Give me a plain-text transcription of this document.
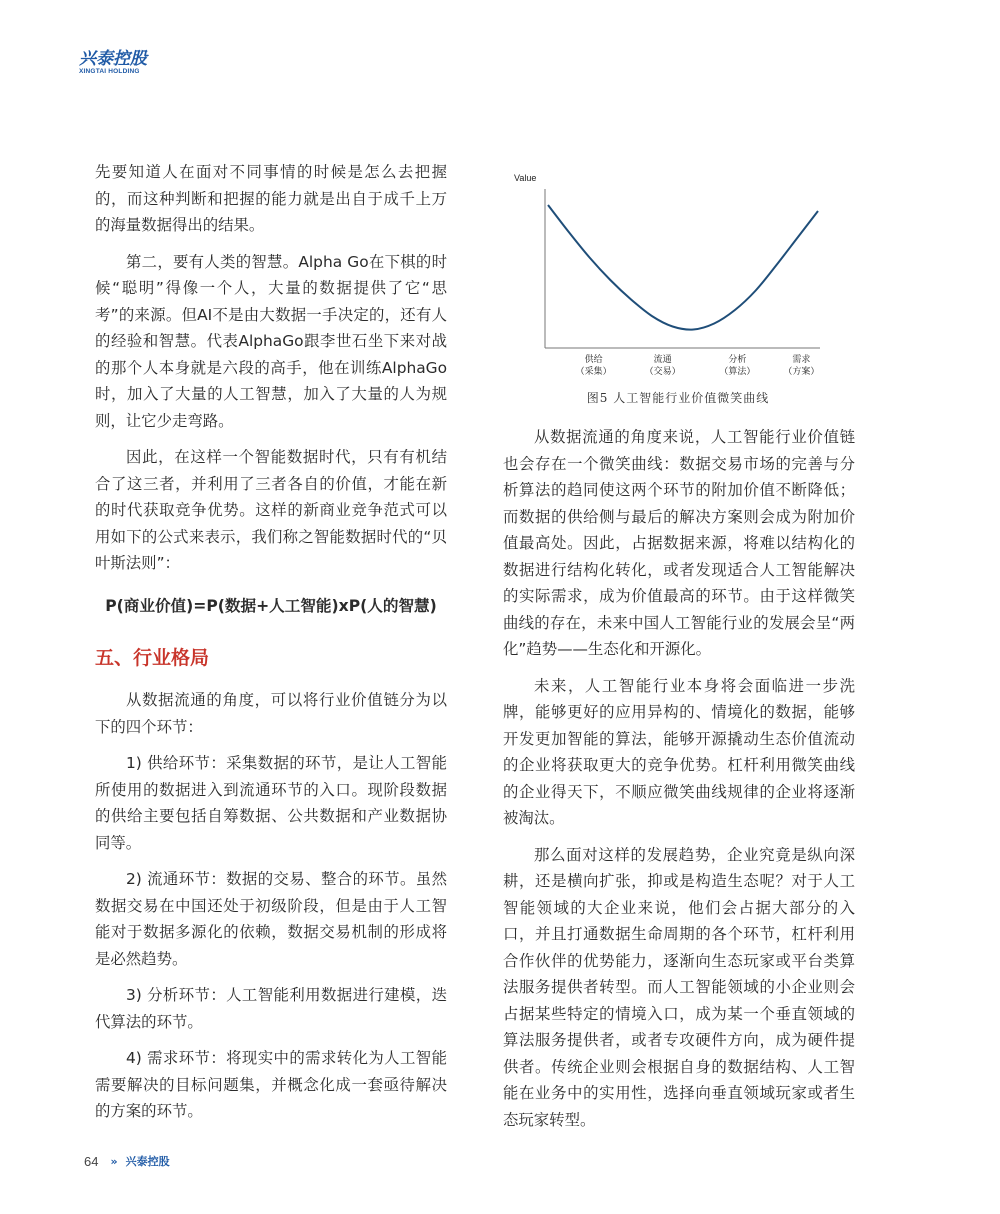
兴泰控股
XINGTAI HOLDING

先要知道人在面对不同事情的时候是怎么去把握的，而这种判断和把握的能力就是出自于成千上万的海量数据得出的结果。

第二，要有人类的智慧。Alpha Go在下棋的时候“聪明”得像一个人，大量的数据提供了它“思考”的来源。但AI不是由大数据一手决定的，还有人的经验和智慧。代表AlphaGo跟李世石坐下来对战的那个人本身就是六段的高手，他在训练AlphaGo时，加入了大量的人工智慧，加入了大量的人为规则，让它少走弯路。

因此，在这样一个智能数据时代，只有有机结合了这三者，并利用了三者各自的价值，才能在新的时代获取竞争优势。这样的新商业竞争范式可以用如下的公式来表示，我们称之智能数据时代的“贝叶斯法则”：

P(商业价值)=P(数据+人工智能)xP(人的智慧)

五、行业格局

从数据流通的角度，可以将行业价值链分为以下的四个环节：

1) 供给环节：采集数据的环节，是让人工智能所使用的数据进入到流通环节的入口。现阶段数据的供给主要包括自筹数据、公共数据和产业数据协同等。

2) 流通环节：数据的交易、整合的环节。虽然数据交易在中国还处于初级阶段，但是由于人工智能对于数据多源化的依赖，数据交易机制的形成将是必然趋势。

3) 分析环节：人工智能利用数据进行建模，迭代算法的环节。

4) 需求环节：将现实中的需求转化为人工智能需要解决的目标问题集，并概念化成一套亟待解决的方案的环节。

Value
供给
（采集）
流通
（交易）
分析
（算法）
需求
（方案）
图5 人工智能行业价值微笑曲线

从数据流通的角度来说，人工智能行业价值链也会存在一个微笑曲线：数据交易市场的完善与分析算法的趋同使这两个环节的附加价值不断降低；而数据的供给侧与最后的解决方案则会成为附加价值最高处。因此，占据数据来源，将难以结构化的数据进行结构化转化，或者发现适合人工智能解决的实际需求，成为价值最高的环节。由于这样微笑曲线的存在，未来中国人工智能行业的发展会呈“两化”趋势——生态化和开源化。

未来，人工智能行业本身将会面临进一步洗牌，能够更好的应用异构的、情境化的数据，能够开发更加智能的算法，能够开源撬动生态价值流动的企业将获取更大的竞争优势。杠杆利用微笑曲线的企业得天下，不顺应微笑曲线规律的企业将逐渐被淘汰。

那么面对这样的发展趋势，企业究竟是纵向深耕，还是横向扩张，抑或是构造生态呢？对于人工智能领域的大企业来说，他们会占据大部分的入口，并且打通数据生命周期的各个环节，杠杆利用合作伙伴的优势能力，逐渐向生态玩家或平台类算法服务提供者转型。而人工智能领域的小企业则会占据某些特定的情境入口，成为某一个垂直领域的算法服务提供者，或者专攻硬件方向，成为硬件提供者。传统企业则会根据自身的数据结构、人工智能在业务中的实用性，选择向垂直领域玩家或者生态玩家转型。

64 » 兴泰控股
